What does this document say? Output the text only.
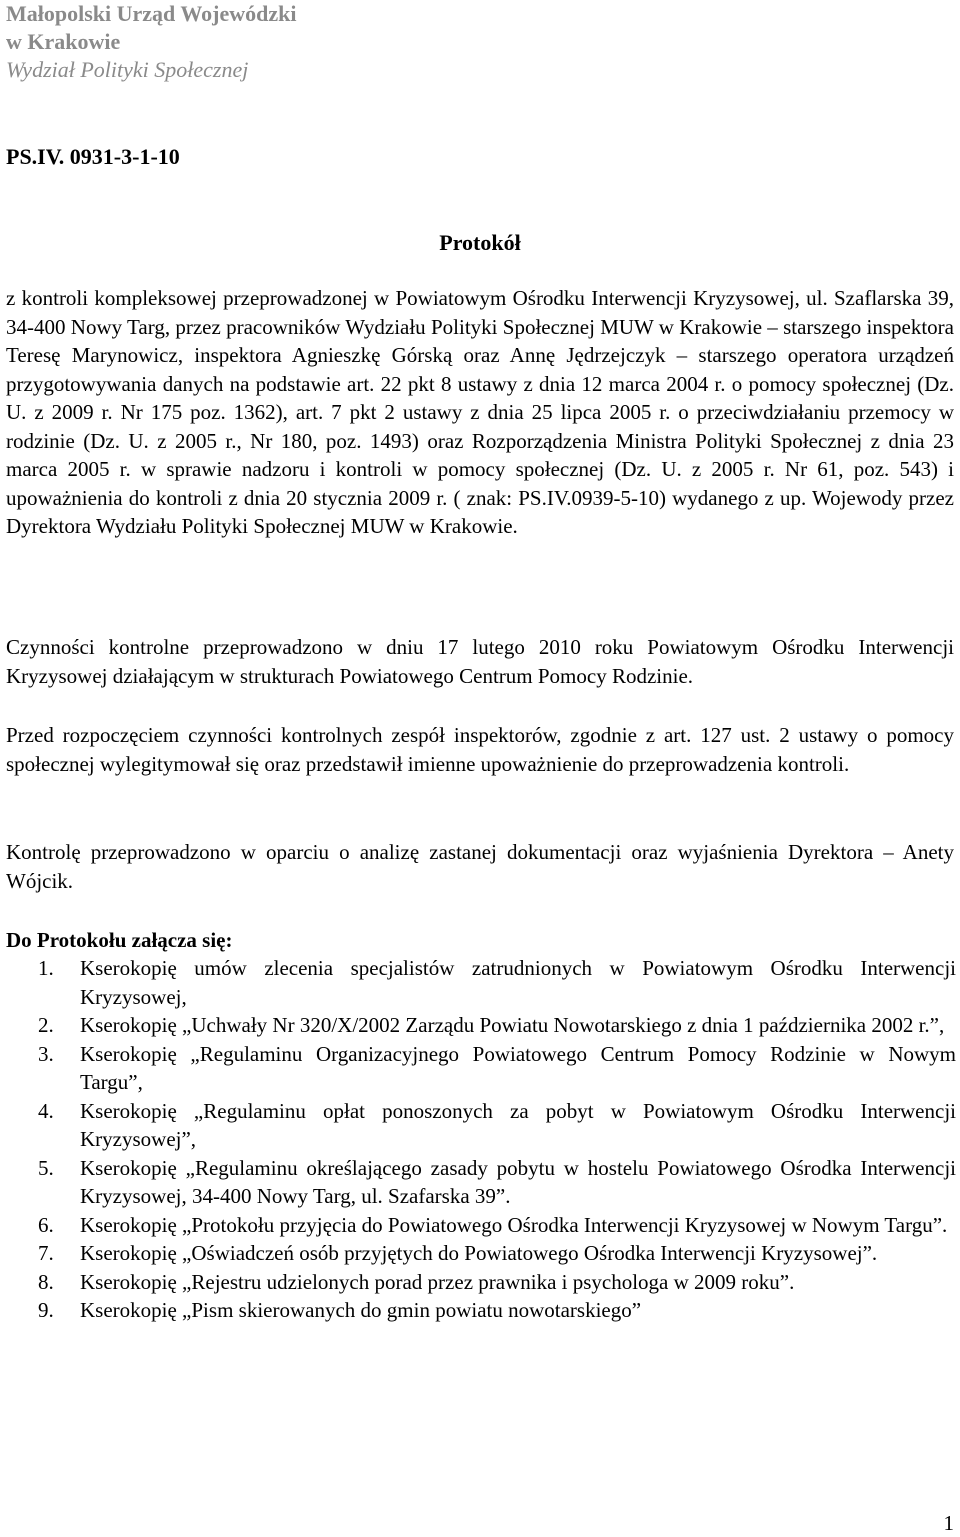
Małopolski Urząd Wojewódzki
w Krakowie
Wydział Polityki Społecznej
PS.IV. 0931-3-1-10
Protokół

z kontroli kompleksowej przeprowadzonej w Powiatowym Ośrodku Interwencji Kryzysowej, ul. Szaflarska 39, 34-400 Nowy Targ, przez pracowników Wydziału Polityki Społecznej MUW w Krakowie – starszego inspektora Teresę Marynowicz, inspektora Agnieszkę Górską oraz Annę Jędrzejczyk – starszego operatora urządzeń przygotowywania danych na podstawie art. 22 pkt 8 ustawy z dnia 12 marca 2004 r. o pomocy społecznej (Dz. U. z 2009 r. Nr 175 poz. 1362), art. 7 pkt 2 ustawy z dnia 25 lipca 2005 r. o przeciwdziałaniu przemocy w rodzinie (Dz. U. z 2005 r., Nr 180, poz. 1493) oraz Rozporządzenia Ministra Polityki Społecznej z dnia 23 marca 2005 r. w sprawie nadzoru i kontroli w pomocy społecznej (Dz. U. z 2005 r. Nr 61, poz. 543) i upoważnienia do kontroli z dnia 20 stycznia 2009 r. ( znak: PS.IV.0939-5-10) wydanego z up. Wojewody przez Dyrektora Wydziału Polityki Społecznej MUW w Krakowie.

Czynności kontrolne przeprowadzono w dniu 17 lutego 2010 roku Powiatowym Ośrodku Interwencji Kryzysowej działającym w strukturach Powiatowego Centrum Pomocy Rodzinie.

Przed rozpoczęciem czynności kontrolnych zespół inspektorów, zgodnie z art. 127 ust. 2 ustawy o pomocy społecznej wylegitymował się oraz przedstawił imienne upoważnienie do przeprowadzenia kontroli.

Kontrolę przeprowadzono w oparciu o analizę zastanej dokumentacji oraz wyjaśnienia Dyrektora – Anety Wójcik.

Do Protokołu załącza się:
1.	Kserokopię umów zlecenia specjalistów zatrudnionych w Powiatowym Ośrodku Interwencji Kryzysowej,
2.	Kserokopię „Uchwały Nr 320/X/2002 Zarządu Powiatu Nowotarskiego z dnia 1 października 2002 r.”,
3.	Kserokopię „Regulaminu Organizacyjnego Powiatowego Centrum Pomocy Rodzinie w Nowym Targu”,
4.	Kserokopię „Regulaminu opłat ponoszonych za pobyt w Powiatowym Ośrodku Interwencji Kryzysowej”,
5.	Kserokopię „Regulaminu określającego zasady pobytu w hostelu Powiatowego Ośrodka Interwencji Kryzysowej, 34-400 Nowy Targ, ul. Szafarska 39”.
6.	Kserokopię „Protokołu przyjęcia do Powiatowego Ośrodka Interwencji Kryzysowej w Nowym Targu”.
7.	Kserokopię „Oświadczeń osób przyjętych do Powiatowego Ośrodka Interwencji Kryzysowej”.
8.	Kserokopię „Rejestru udzielonych porad przez prawnika i psychologa w 2009 roku”.
9.	Kserokopię „Pism skierowanych do gmin powiatu nowotarskiego”
1
